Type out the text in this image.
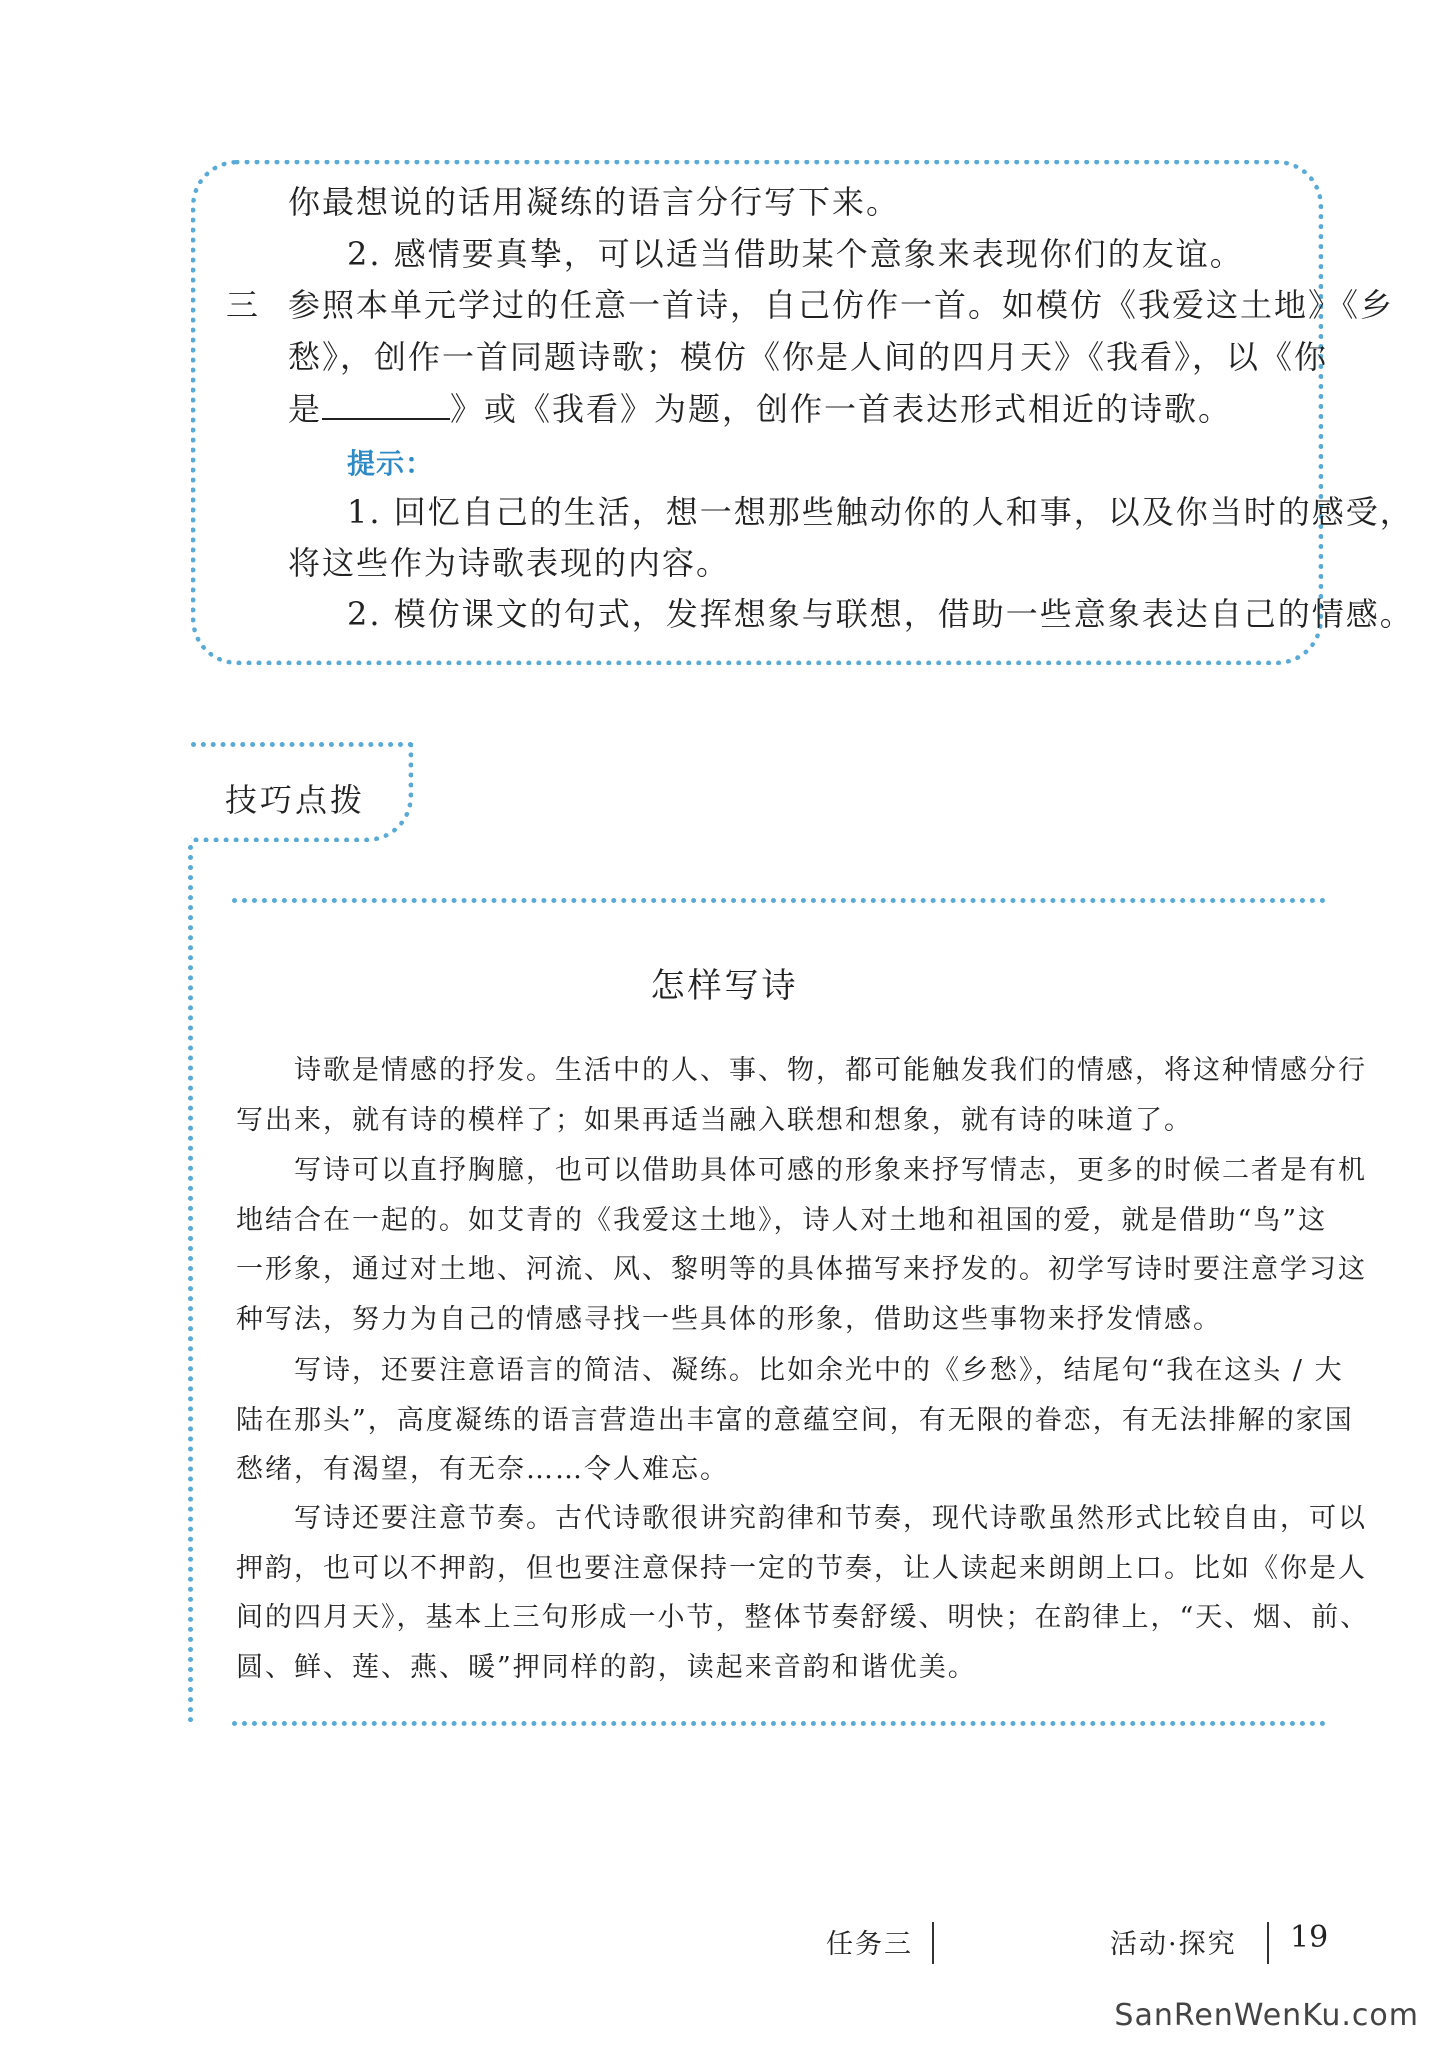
你最想说的话用凝练的语言分行写下来。
2. 感情要真挚，可以适当借助某个意象来表现你们的友谊。
三 参照本单元学过的任意一首诗，自己仿作一首。如模仿《我爱这土地》《乡
愁》，创作一首同题诗歌；模仿《你是人间的四月天》《我看》，以《你
是	》或《我看》为题，创作一首表达形式相近的诗歌。
提示：
1. 回忆自己的生活，想一想那些触动你的人和事，以及你当时的感受，
将这些作为诗歌表现的内容。
2. 模仿课文的句式，发挥想象与联想，借助一些意象表达自己的情感。
技巧点拨
怎样写诗
　　诗歌是情感的抒发。生活中的人、事、物，都可能触发我们的情感，将这种情感分行
写出来，就有诗的模样了；如果再适当融入联想和想象，就有诗的味道了。
　　写诗可以直抒胸臆，也可以借助具体可感的形象来抒写情志，更多的时候二者是有机
地结合在一起的。如艾青的《我爱这土地》，诗人对土地和祖国的爱，就是借助“鸟”这
一形象，通过对土地、河流、风、黎明等的具体描写来抒发的。初学写诗时要注意学习这
种写法，努力为自己的情感寻找一些具体的形象，借助这些事物来抒发情感。
　　写诗，还要注意语言的简洁、凝练。比如余光中的《乡愁》，结尾句“我在这头 / 大
陆在那头”，高度凝练的语言营造出丰富的意蕴空间，有无限的眷恋，有无法排解的家国
愁绪，有渴望，有无奈……令人难忘。
　　写诗还要注意节奏。古代诗歌很讲究韵律和节奏，现代诗歌虽然形式比较自由，可以
押韵，也可以不押韵，但也要注意保持一定的节奏，让人读起来朗朗上口。比如《你是人
间的四月天》，基本上三句形成一小节，整体节奏舒缓、明快；在韵律上，“天、烟、前、
圆、鲜、莲、燕、暖”押同样的韵，读起来音韵和谐优美。
任务三	活动·探究 19
SanRenWenKu.com
